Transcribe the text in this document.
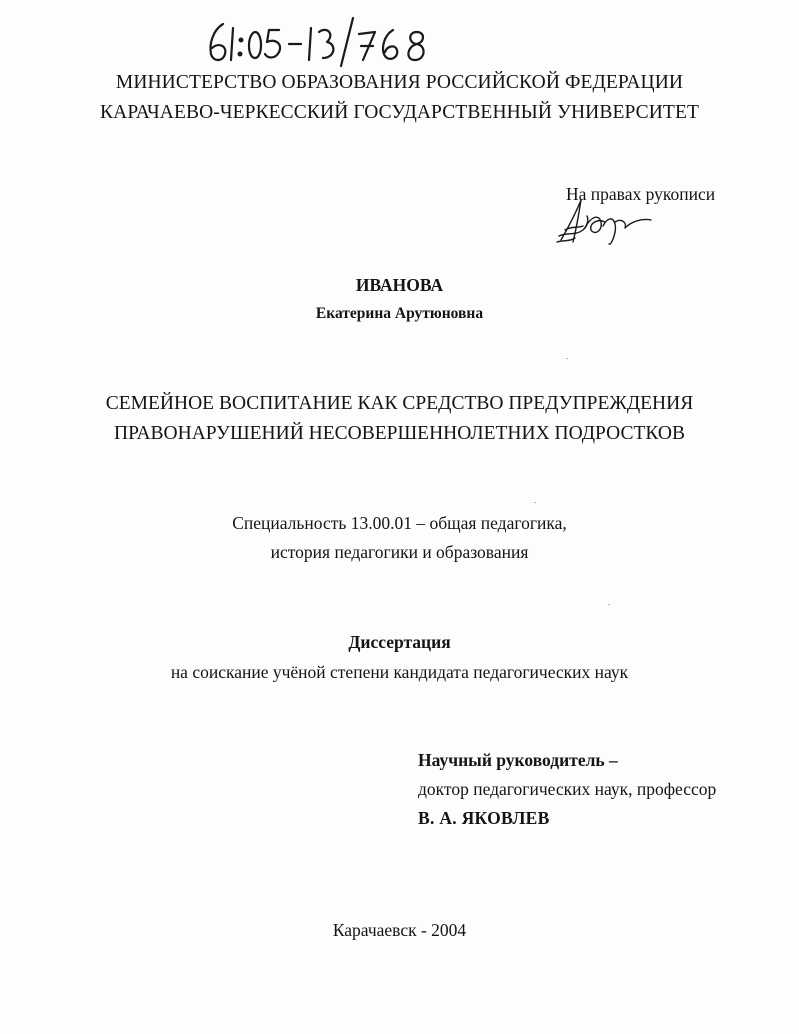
МИНИСТЕРСТВО ОБРАЗОВАНИЯ РОССИЙСКОЙ ФЕДЕРАЦИИ
КАРАЧАЕВО-ЧЕРКЕССКИЙ ГОСУДАРСТВЕННЫЙ УНИВЕРСИТЕТ
На правах рукописи
ИВАНОВА
Екатерина Арутюновна
СЕМЕЙНОЕ ВОСПИТАНИЕ КАК СРЕДСТВО ПРЕДУПРЕЖДЕНИЯ
ПРАВОНАРУШЕНИЙ НЕСОВЕРШЕННОЛЕТНИХ ПОДРОСТКОВ
Специальность 13.00.01 – общая педагогика,
история педагогики и образования
Диссертация
на соискание учёной степени кандидата педагогических наук
Научный руководитель –
доктор педагогических наук, профессор
В. А. ЯКОВЛЕВ
Карачаевск - 2004
